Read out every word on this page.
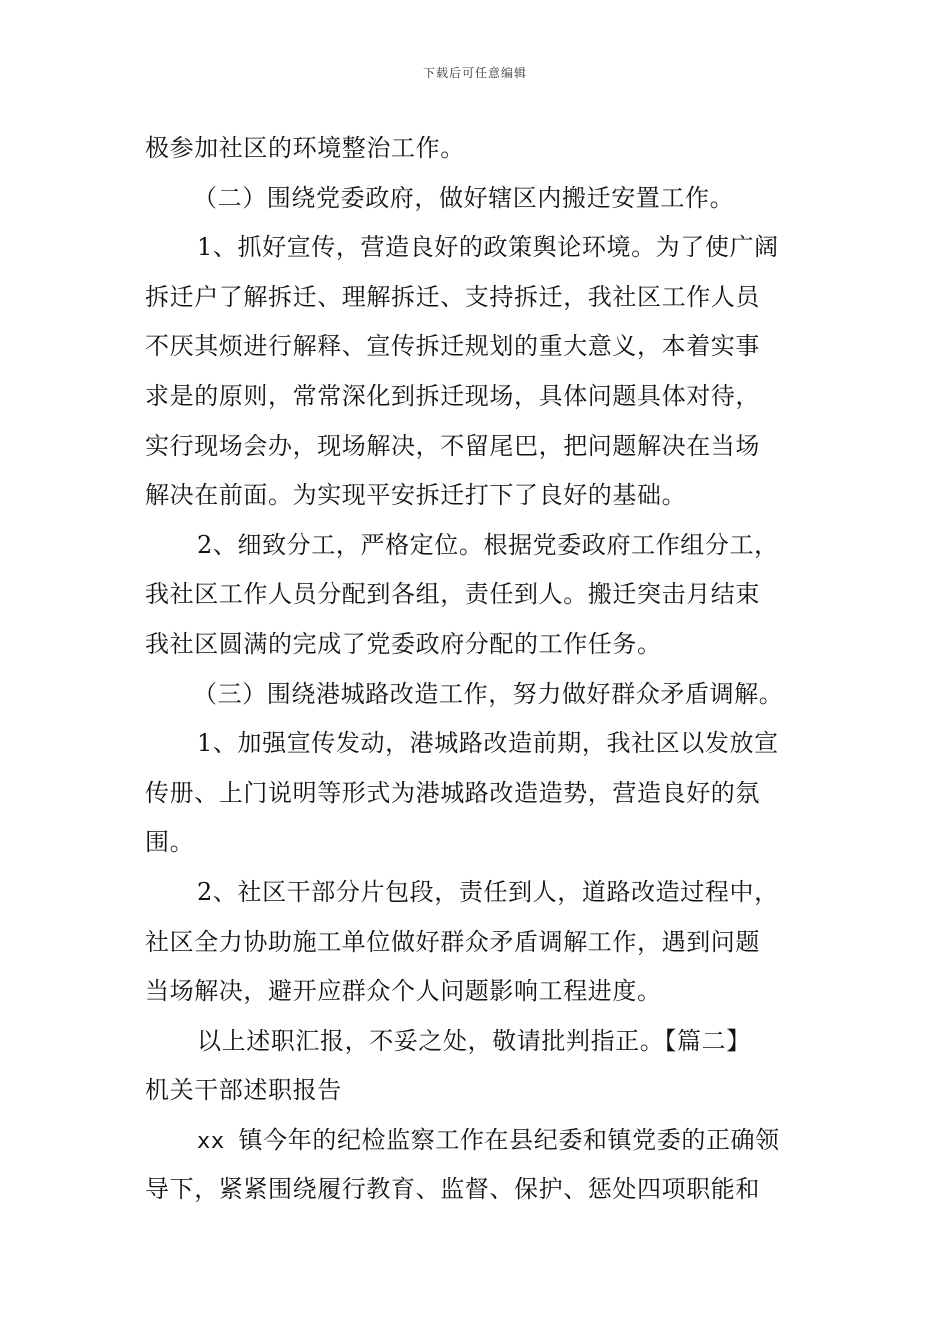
下载后可任意编辑
极参加社区的环境整治工作。
（二）围绕党委政府，做好辖区内搬迁安置工作。
1、抓好宣传，营造良好的政策舆论环境。为了使广阔
拆迁户了解拆迁、理解拆迁、支持拆迁，我社区工作人员
不厌其烦进行解释、宣传拆迁规划的重大意义，本着实事
求是的原则，常常深化到拆迁现场，具体问题具体对待，
实行现场会办，现场解决，不留尾巴，把问题解决在当场
解决在前面。为实现平安拆迁打下了良好的基础。
2、细致分工，严格定位。根据党委政府工作组分工，
我社区工作人员分配到各组，责任到人。搬迁突击月结束
我社区圆满的完成了党委政府分配的工作任务。
（三）围绕港城路改造工作，努力做好群众矛盾调解。
1、加强宣传发动，港城路改造前期，我社区以发放宣
传册、上门说明等形式为港城路改造造势，营造良好的氛
围。
2、社区干部分片包段，责任到人，道路改造过程中，
社区全力协助施工单位做好群众矛盾调解工作，遇到问题
当场解决，避开应群众个人问题影响工程进度。
以上述职汇报，不妥之处，敬请批判指正。【篇二】
机关干部述职报告
xx 镇今年的纪检监察工作在县纪委和镇党委的正确领
导下，紧紧围绕履行教育、监督、保护、惩处四项职能和
